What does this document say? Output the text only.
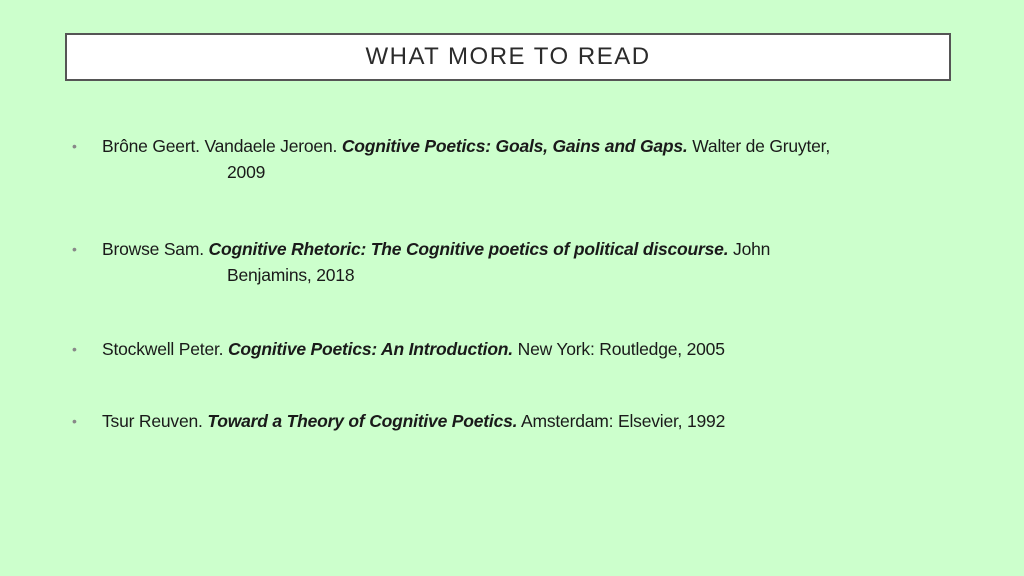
WHAT MORE TO READ
• Brône Geert. Vandaele Jeroen. Cognitive Poetics: Goals, Gains and Gaps. Walter de Gruyter,
2009
• Browse Sam. Cognitive Rhetoric: The Cognitive poetics of political discourse. John
Benjamins, 2018
• Stockwell Peter. Cognitive Poetics: An Introduction. New York: Routledge, 2005
• Tsur Reuven. Toward a Theory of Cognitive Poetics. Amsterdam: Elsevier, 1992
